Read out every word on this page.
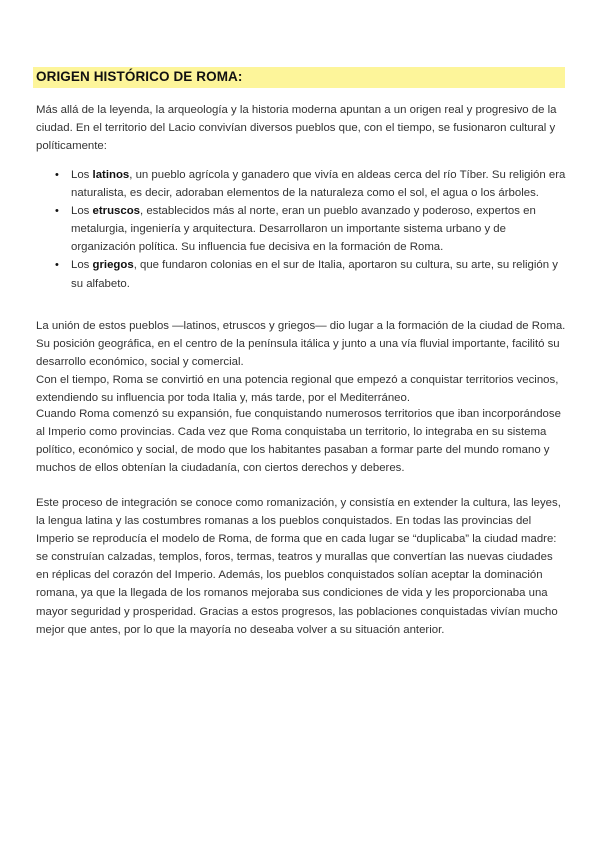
ORIGEN HISTÓRICO DE ROMA:

Más allá de la leyenda, la arqueología y la historia moderna apuntan a un origen real y progresivo de la ciudad. En el territorio del Lacio convivían diversos pueblos que, con el tiempo, se fusionaron cultural y políticamente:

• Los latinos, un pueblo agrícola y ganadero que vivía en aldeas cerca del río Tíber. Su religión era naturalista, es decir, adoraban elementos de la naturaleza como el sol, el agua o los árboles.
• Los etruscos, establecidos más al norte, eran un pueblo avanzado y poderoso, expertos en metalurgia, ingeniería y arquitectura. Desarrollaron un importante sistema urbano y de organización política. Su influencia fue decisiva en la formación de Roma.
• Los griegos, que fundaron colonias en el sur de Italia, aportaron su cultura, su arte, su religión y su alfabeto.

La unión de estos pueblos —latinos, etruscos y griegos— dio lugar a la formación de la ciudad de Roma. Su posición geográfica, en el centro de la península itálica y junto a una vía fluvial importante, facilitó su desarrollo económico, social y comercial.

Con el tiempo, Roma se convirtió en una potencia regional que empezó a conquistar territorios vecinos, extendiendo su influencia por toda Italia y, más tarde, por el Mediterráneo.

Cuando Roma comenzó su expansión, fue conquistando numerosos territorios que iban incorporándose al Imperio como provincias. Cada vez que Roma conquistaba un territorio, lo integraba en su sistema político, económico y social, de modo que los habitantes pasaban a formar parte del mundo romano y muchos de ellos obtenían la ciudadanía, con ciertos derechos y deberes.

Este proceso de integración se conoce como romanización, y consistía en extender la cultura, las leyes, la lengua latina y las costumbres romanas a los pueblos conquistados. En todas las provincias del Imperio se reproducía el modelo de Roma, de forma que en cada lugar se “duplicaba” la ciudad madre: se construían calzadas, templos, foros, termas, teatros y murallas que convertían las nuevas ciudades en réplicas del corazón del Imperio. Además, los pueblos conquistados solían aceptar la dominación romana, ya que la llegada de los romanos mejoraba sus condiciones de vida y les proporcionaba una mayor seguridad y prosperidad. Gracias a estos progresos, las poblaciones conquistadas vivían mucho mejor que antes, por lo que la mayoría no deseaba volver a su situación anterior.
